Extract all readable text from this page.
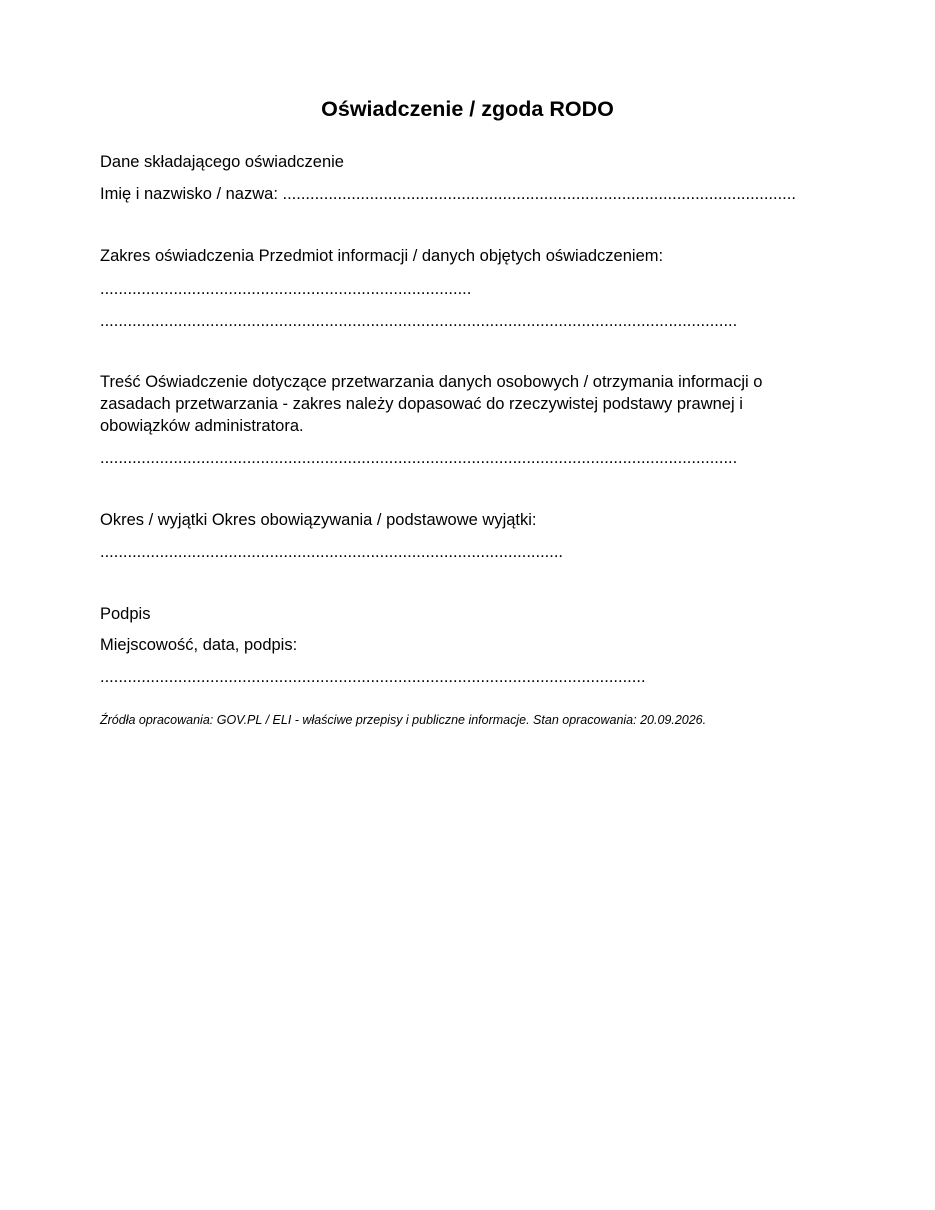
Oświadczenie / zgoda RODO
Dane składającego oświadczenie
Imię i nazwisko / nazwa: ................................................................................................................
Zakres oświadczenia Przedmiot informacji / danych objętych oświadczeniem:
.................................................................................
...........................................................................................................................................
Treść Oświadczenie dotyczące przetwarzania danych osobowych / otrzymania informacji o zasadach przetwarzania - zakres należy dopasować do rzeczywistej podstawy prawnej i obowiązków administratora.
...........................................................................................................................................
Okres / wyjątki Okres obowiązywania / podstawowe wyjątki:
.....................................................................................................
Podpis
Miejscowość, data, podpis:
.......................................................................................................................
Źródła opracowania: GOV.PL / ELI - właściwe przepisy i publiczne informacje. Stan opracowania: 20.09.2026.
